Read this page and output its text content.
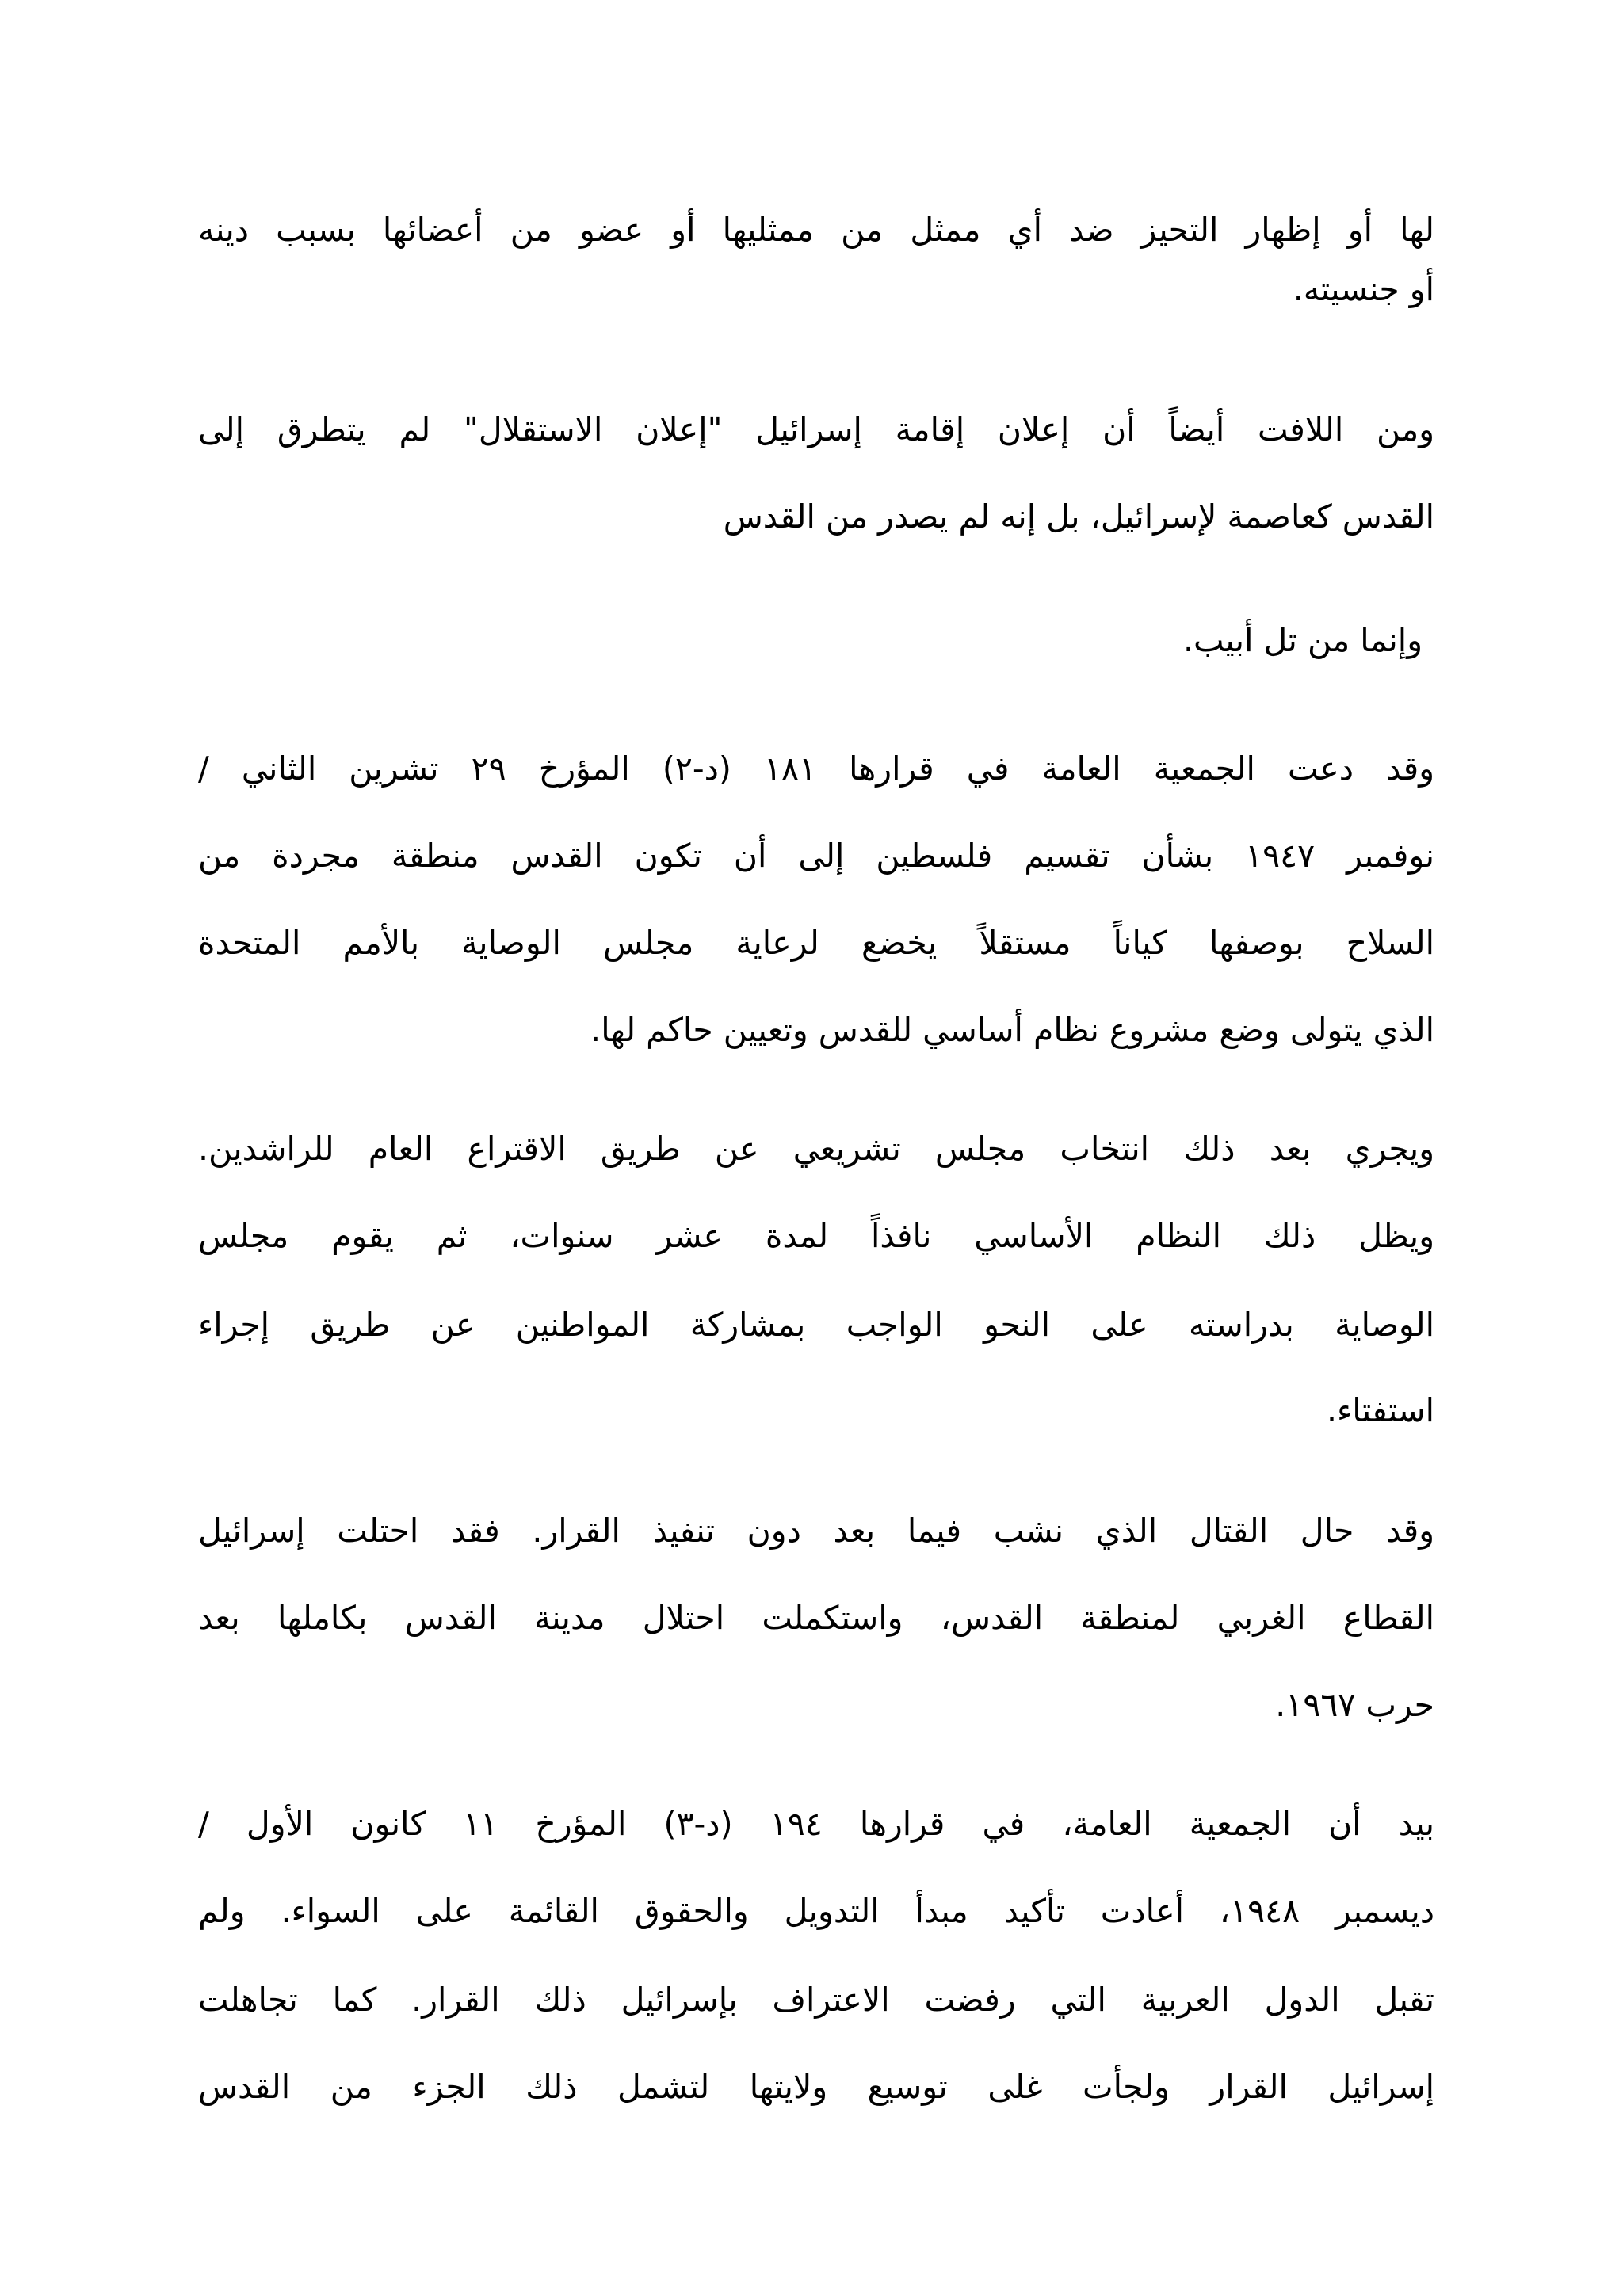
لها أو إظهار التحيز ضد أي ممثل من ممثليها أو عضو من أعضائها بسبب دينه
أو جنسيته.
ومن اللافت أيضاً أن إعلان إقامة إسرائيل "إعلان الاستقلال" لم يتطرق إلى
القدس كعاصمة لإسرائيل، بل إنه لم يصدر من القدس
وإنما من تل أبيب.
وقد دعت الجمعية العامة في قرارها ١٨١ (د-٢) المؤرخ ٢٩ تشرين الثاني /
نوفمبر ١٩٤٧ بشأن تقسيم فلسطين إلى أن تكون القدس منطقة مجردة من
السلاح بوصفها كياناً مستقلاً يخضع لرعاية مجلس الوصاية بالأمم المتحدة
الذي يتولى وضع مشروع نظام أساسي للقدس وتعيين حاكم لها.
ويجري بعد ذلك انتخاب مجلس تشريعي عن طريق الاقتراع العام للراشدين.
ويظل ذلك النظام الأساسي نافذاً لمدة عشر سنوات، ثم يقوم مجلس
الوصاية بدراسته على النحو الواجب بمشاركة المواطنين عن طريق إجراء
استفتاء.
وقد حال القتال الذي نشب فيما بعد دون تنفيذ القرار. فقد احتلت إسرائيل
القطاع الغربي لمنطقة القدس، واستكملت احتلال مدينة القدس بكاملها بعد
حرب ١٩٦٧.
بيد أن الجمعية العامة، في قرارها ١٩٤ (د-٣) المؤرخ ١١ كانون الأول /
ديسمبر ١٩٤٨، أعادت تأكيد مبدأ التدويل والحقوق القائمة على السواء. ولم
تقبل الدول العربية التي رفضت الاعتراف بإسرائيل ذلك القرار. كما تجاهلت
إسرائيل القرار ولجأت غلى توسيع ولايتها لتشمل ذلك الجزء من القدس
